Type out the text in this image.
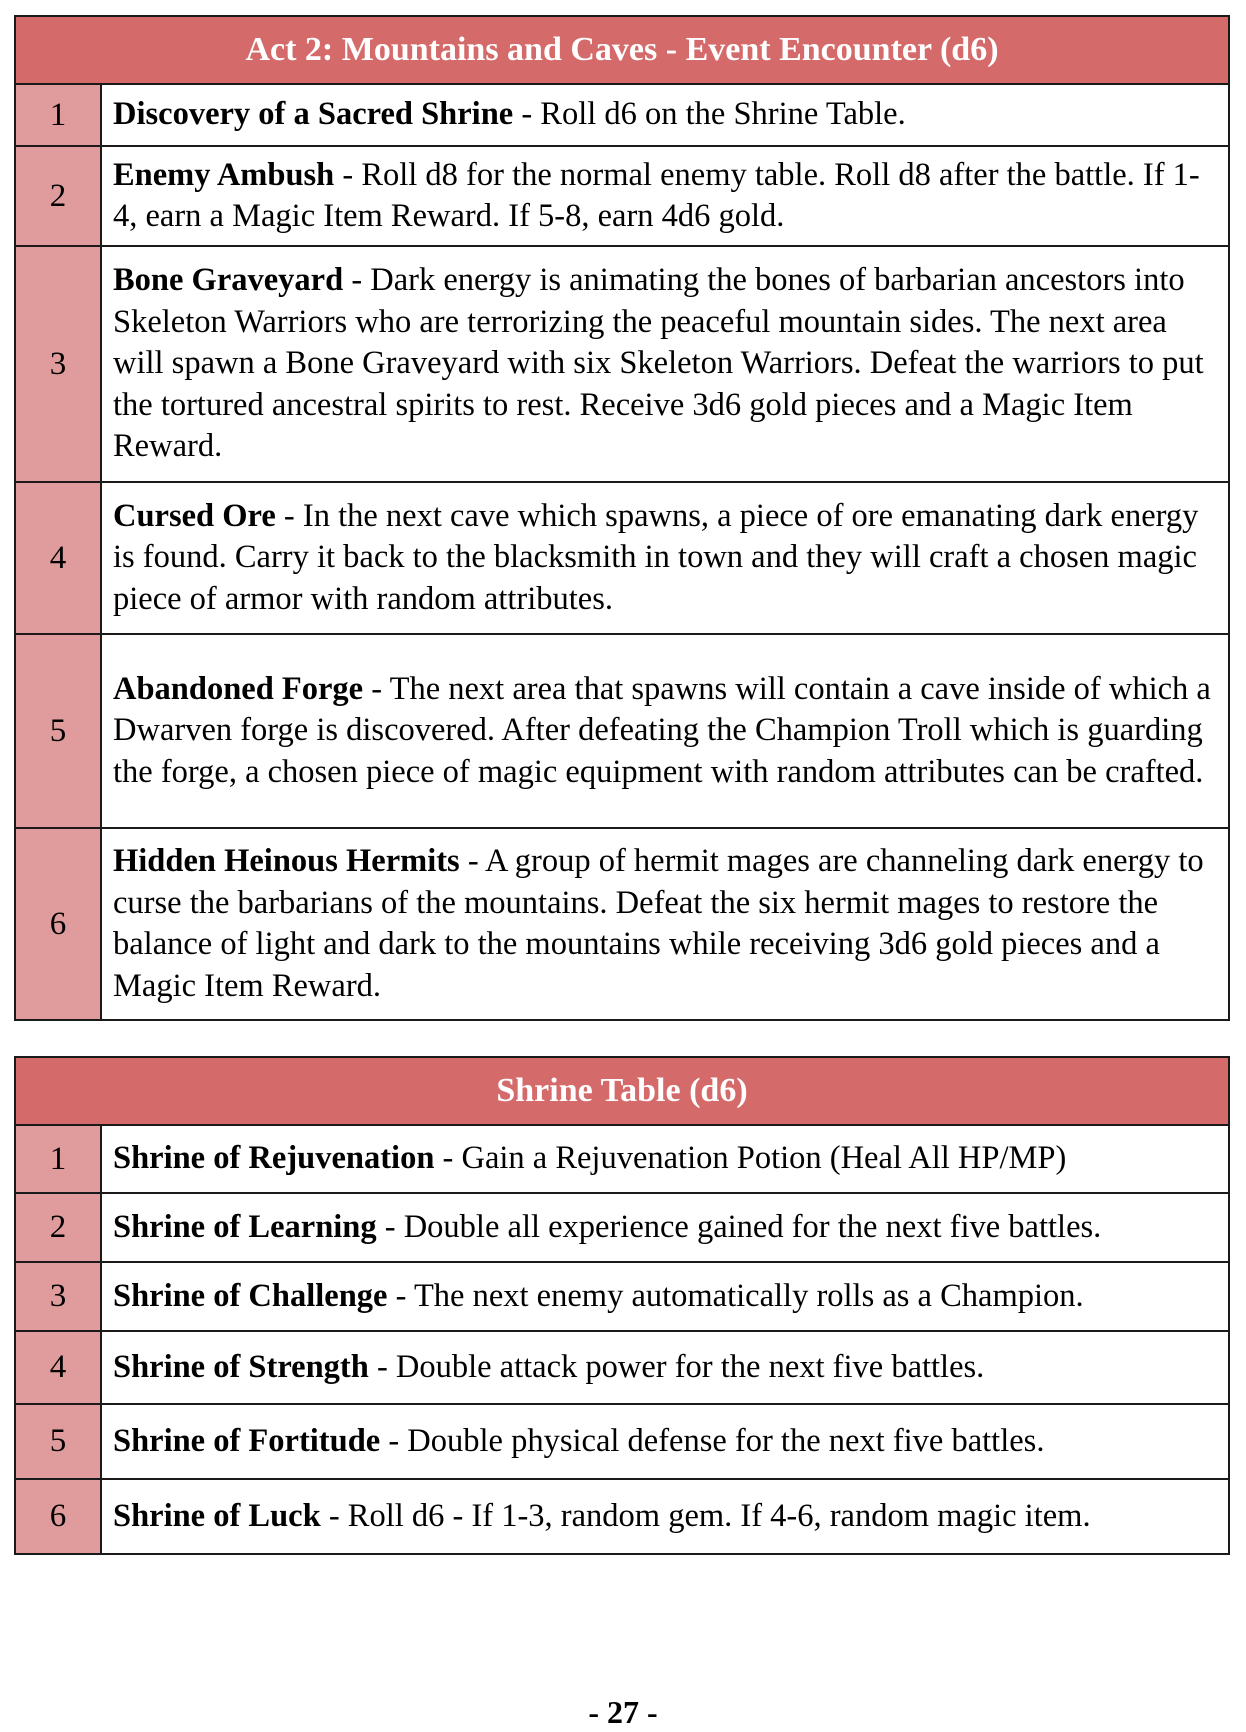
Act 2: Mountains and Caves - Event Encounter (d6)	
1	Discovery of a Sacred Shrine - Roll d6 on the Shrine Table.
2	Enemy Ambush - Roll d8 for the normal enemy table. Roll d8 after the battle. If 1-4, earn a Magic Item Reward. If 5-8, earn 4d6 gold.
3	Bone Graveyard - Dark energy is animating the bones of barbarian ancestors into Skeleton Warriors who are terrorizing the peaceful mountain sides. The next area will spawn a Bone Graveyard with six Skeleton Warriors. Defeat the warriors to put the tortured ancestral spirits to rest. Receive 3d6 gold pieces and a Magic Item Reward.
4	Cursed Ore - In the next cave which spawns, a piece of ore emanating dark energy is found. Carry it back to the blacksmith in town and they will craft a chosen magic piece of armor with random attributes.
5	Abandoned Forge - The next area that spawns will contain a cave inside of which a Dwarven forge is discovered. After defeating the Champion Troll which is guarding the forge, a chosen piece of magic equipment with random attributes can be crafted.
6	Hidden Heinous Hermits - A group of hermit mages are channeling dark energy to curse the barbarians of the mountains. Defeat the six hermit mages to restore the balance of light and dark to the mountains while receiving 3d6 gold pieces and a Magic Item Reward.
Shrine Table (d6)	
1	Shrine of Rejuvenation - Gain a Rejuvenation Potion (Heal All HP/MP)
2	Shrine of Learning - Double all experience gained for the next five battles.
3	Shrine of Challenge - The next enemy automatically rolls as a Champion.
4	Shrine of Strength - Double attack power for the next five battles.
5	Shrine of Fortitude - Double physical defense for the next five battles.
6	Shrine of Luck - Roll d6 - If 1-3, random gem. If 4-6, random magic item.
- 27 -
